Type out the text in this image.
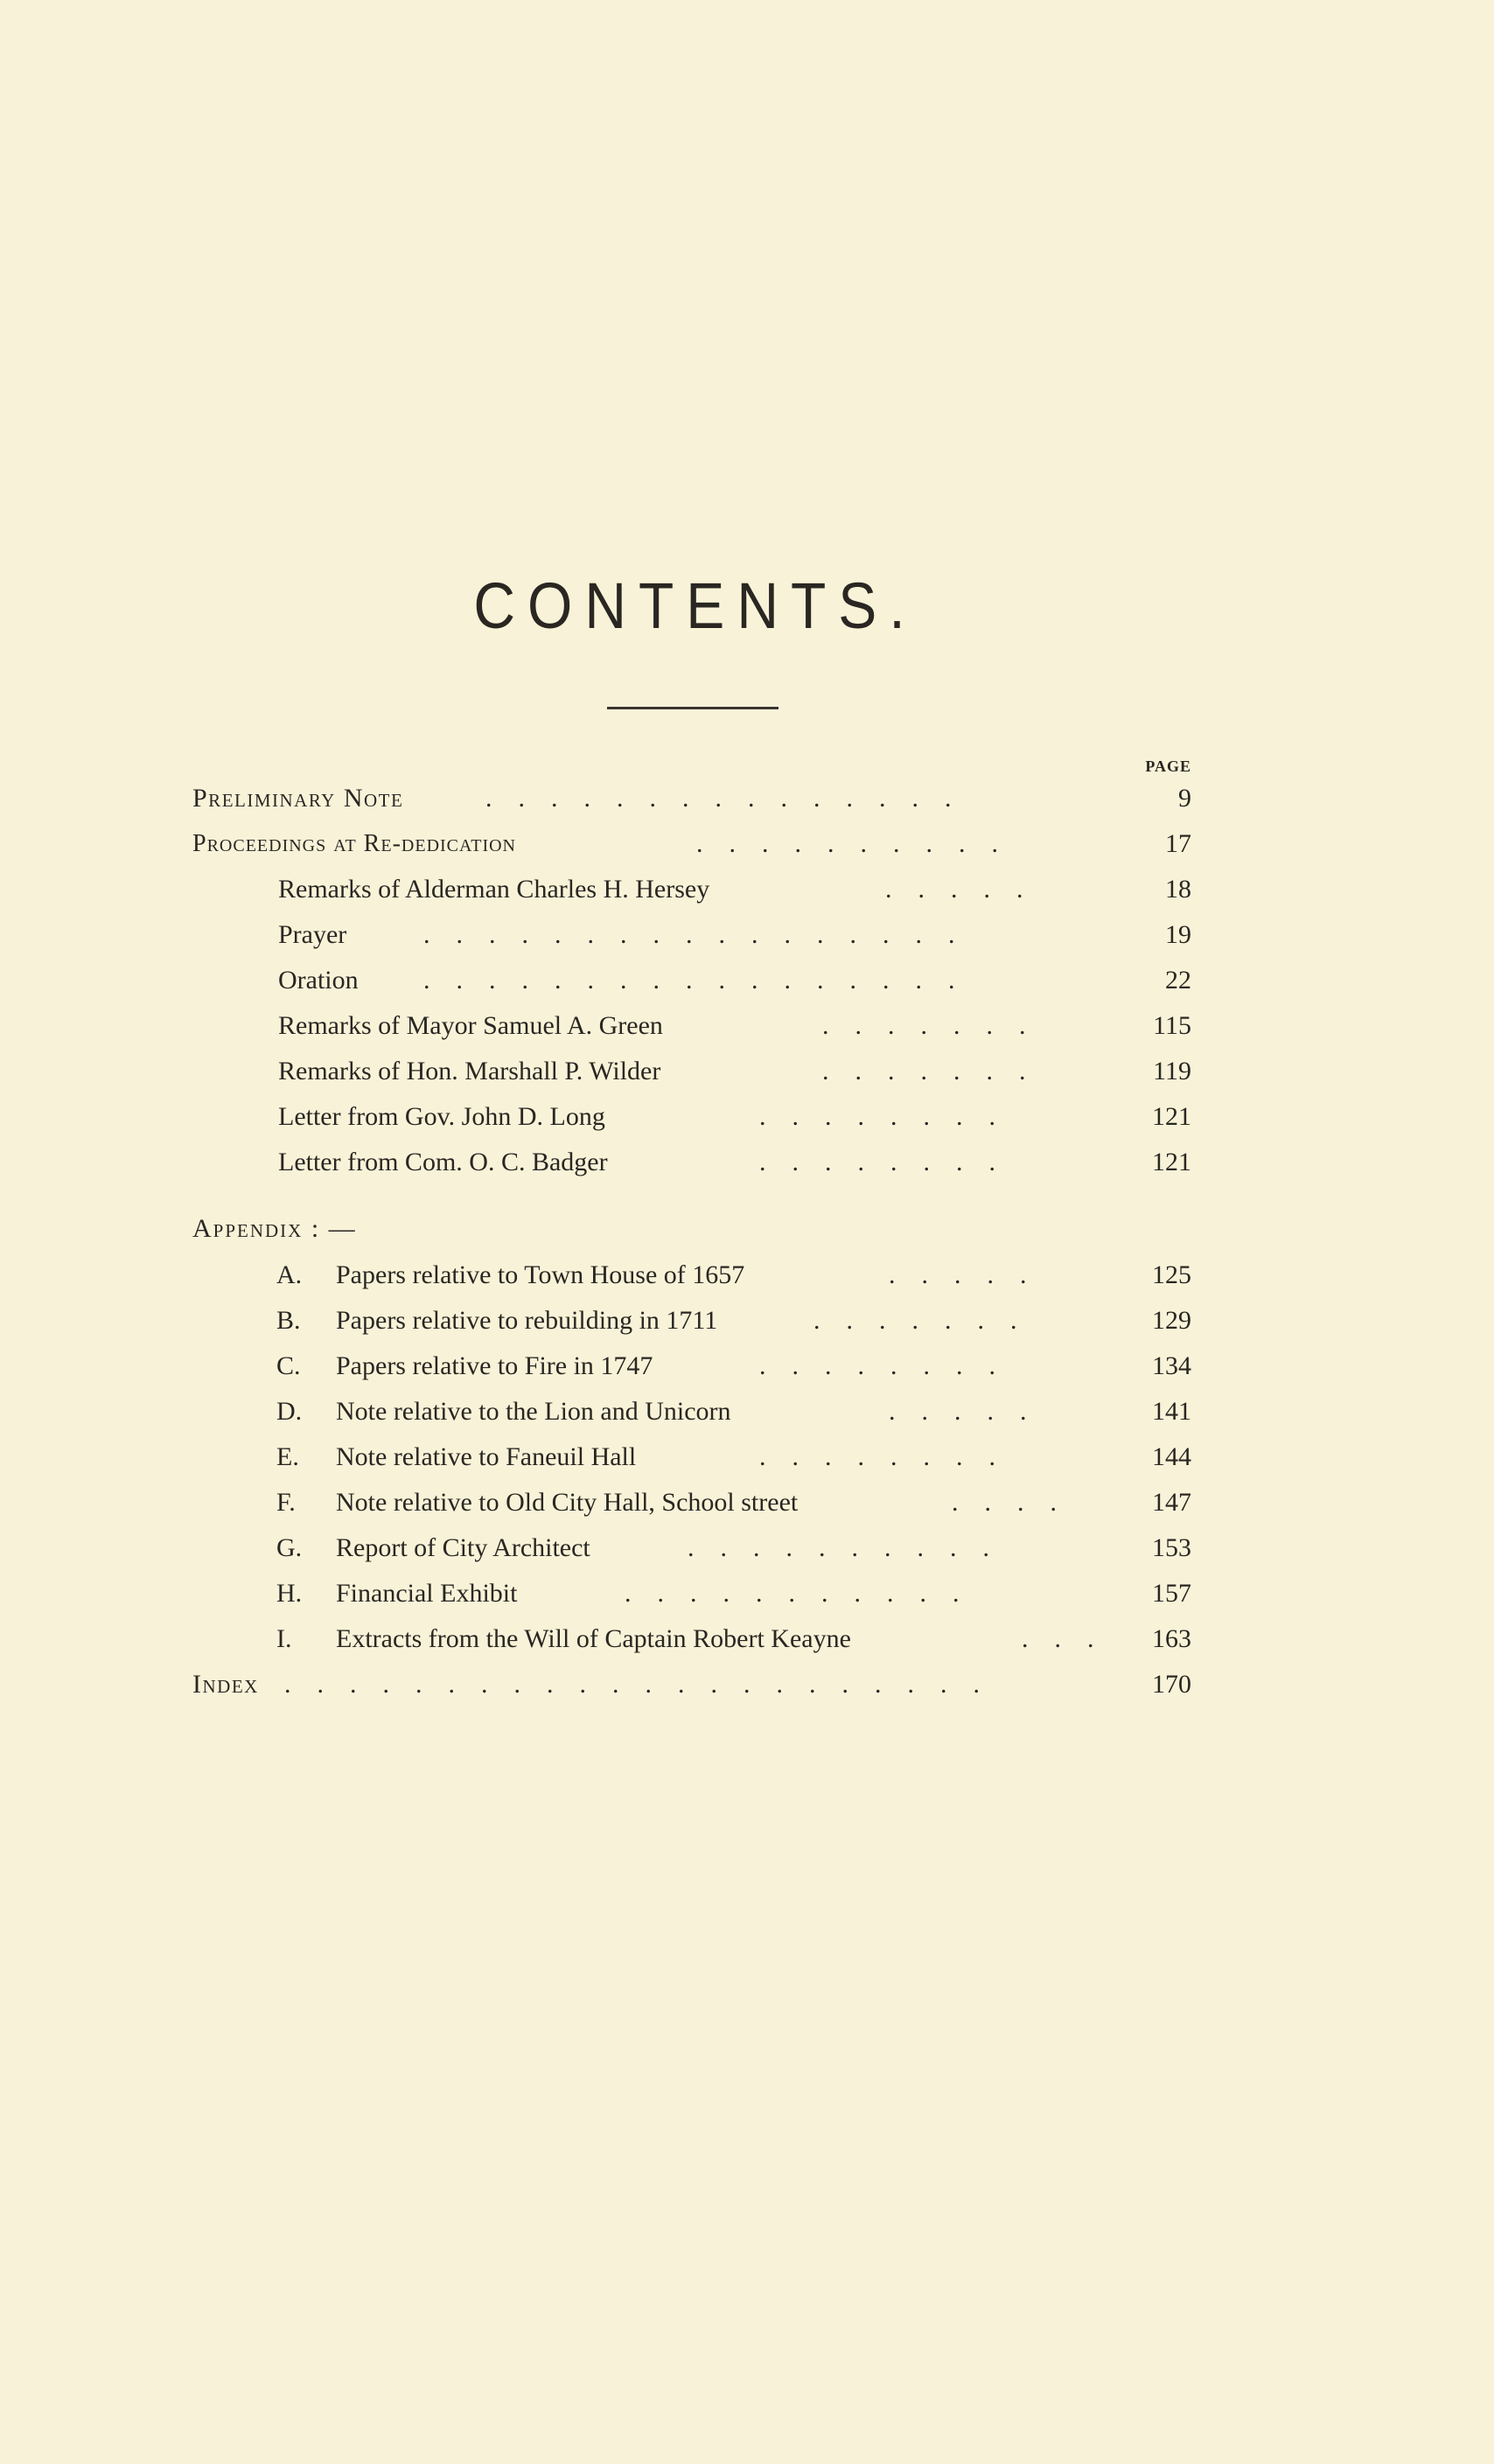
CONTENTS.
PAGE
Preliminary Note	. . . . . . . . . . . . . . .	9
Proceedings at Re-dedication	. . . . . . . . . .	17
Remarks of Alderman Charles H. Hersey	. . . . .	18
Prayer	. . . . . . . . . . . . . . . . .	19
Oration . . . . . . . . . . . . . . . . .	22
Remarks of Mayor Samuel A. Green	. . . . . . .	115
Remarks of Hon. Marshall P. Wilder	. . . . . . .	119
Letter from Gov. John D. Long	. . . . . . . .	121
Letter from Com. O. C. Badger	. . . . . . . .	121
Appendix : —
A. Papers relative to Town House of 1657	. . . . .	125
B. Papers relative to rebuilding in 1711	. . . . . . .	129
C. Papers relative to Fire in 1747	. . . . . . . .	134
D. Note relative to the Lion and Unicorn	. . . . .	141
E. Note relative to Faneuil Hall	. . . . . . . .	144
F. Note relative to Old City Hall, School street	. . . .	147
G. Report of City Architect	. . . . . . . . . .	153
H. Financial Exhibit	. . . . . . . . . . .	157
I. Extracts from the Will of Captain Robert Keayne	. . . 163
Index . . . . . . . . . . . . . . . . . . . . . .	170
